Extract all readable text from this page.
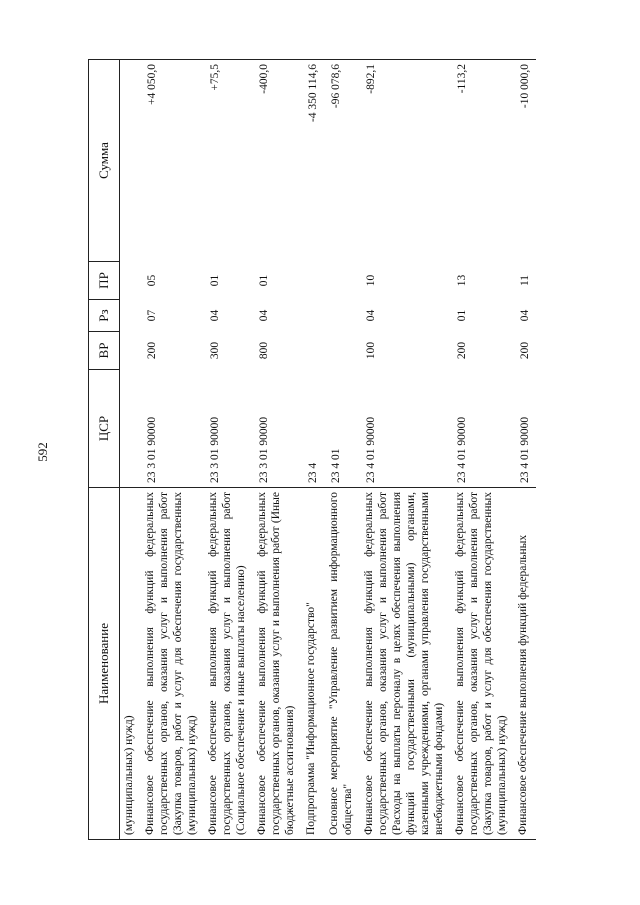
592
Наименование	ЦСР	ВР	Рз	ПР	Сумма
(муниципальных) нужд)					
Финансовое обеспечение выполнения функций федеральных государственных органов, оказания услуг и выполнения работ (Закупка товаров, работ и услуг для обеспечения государственных (муниципальных) нужд)	23 3 01 90000	200	07	05	+4 050,0
Финансовое обеспечение выполнения функций федеральных государственных органов, оказания услуг и выполнения работ (Социальное обеспечение и иные выплаты населению)	23 3 01 90000	300	04	01	+75,5
Финансовое обеспечение выполнения функций федеральных государственных органов, оказания услуг и выполнения работ (Иные бюджетные ассигнования)	23 3 01 90000	800	04	01	-400,0
Подпрограмма "Информационное государство"	23 4				-4 350 114,6
Основное мероприятие "Управление развитием информационного общества"	23 4 01				-96 078,6
Финансовое обеспечение выполнения функций федеральных государственных органов, оказания услуг и выполнения работ (Расходы на выплаты персоналу в целях обеспечения выполнения функций государственными (муниципальными) органами, казенными учреждениями, органами управления государственными внебюджетными фондами)	23 4 01 90000	100	04	10	-892,1
Финансовое обеспечение выполнения функций федеральных государственных органов, оказания услуг и выполнения работ (Закупка товаров, работ и услуг для обеспечения государственных (муниципальных) нужд)	23 4 01 90000	200	01	13	-113,2
Финансовое обеспечение выполнения функций федеральных	23 4 01 90000	200	04	11	-10 000,0
